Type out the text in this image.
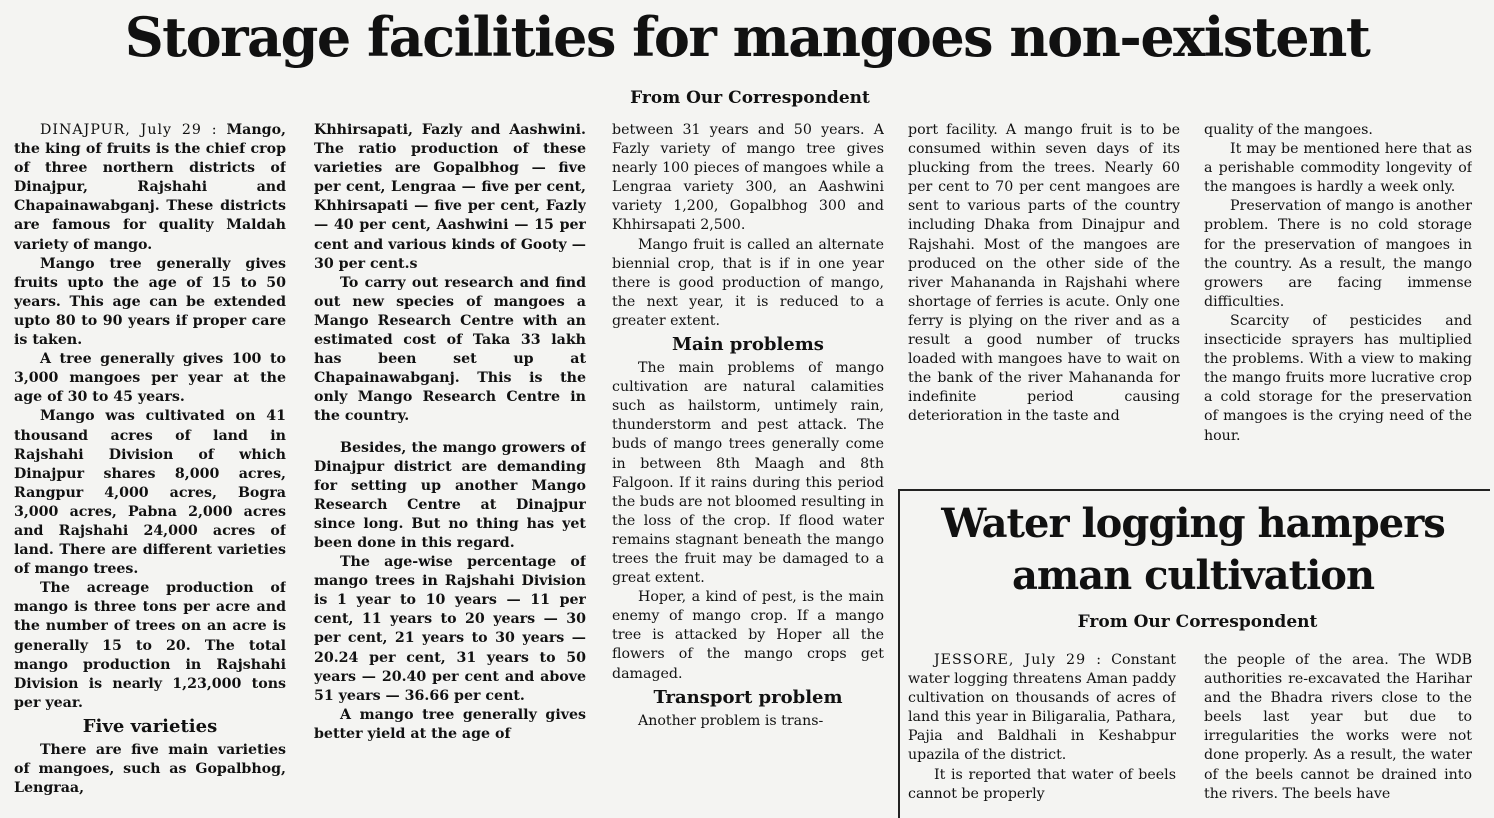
Storage facilities for mangoes non-existent
From Our Correspondent

DINAJPUR, July 29 : Mango, the king of fruits is the chief crop of three northern districts of Dinajpur, Rajshahi and Chapainawabganj. These districts are famous for quality Maldah variety of mango.

Mango tree generally gives fruits upto the age of 15 to 50 years. This age can be extended upto 80 to 90 years if proper care is taken.

A tree generally gives 100 to 3,000 mangoes per year at the age of 30 to 45 years.

Mango was cultivated on 41 thousand acres of land in Rajshahi Division of which Dinajpur shares 8,000 acres, Rangpur 4,000 acres, Bogra 3,000 acres, Pabna 2,000 acres and Rajshahi 24,000 acres of land. There are different varieties of mango trees.

The acreage production of mango is three tons per acre and the number of trees on an acre is generally 15 to 20. The total mango production in Rajshahi Division is nearly 1,23,000 tons per year.

Five varieties

There are five main varieties of mangoes, such as Gopalbhog, Lengraa,

Khhirsapati, Fazly and Aashwini. The ratio production of these varieties are Gopalbhog — five per cent, Lengraa — five per cent, Khhirsapati — five per cent, Fazly — 40 per cent, Aashwini — 15 per cent and various kinds of Gooty — 30 per cent.s

To carry out research and find out new species of mangoes a Mango Research Centre with an estimated cost of Taka 33 lakh has been set up at Chapainawabganj. This is the only Mango Research Centre in the country.

Besides, the mango growers of Dinajpur district are demanding for setting up another Mango Research Centre at Dinajpur since long. But no thing has yet been done in this regard.

The age-wise percentage of mango trees in Rajshahi Division is 1 year to 10 years — 11 per cent, 11 years to 20 years — 30 per cent, 21 years to 30 years — 20.24 per cent, 31 years to 50 years — 20.40 per cent and above 51 years — 36.66 per cent.

A mango tree generally gives better yield at the age of

between 31 years and 50 years. A Fazly variety of mango tree gives nearly 100 pieces of mangoes while a Lengraa variety 300, an Aashwini variety 1,200, Gopalbhog 300 and Khhirsapati 2,500.

Mango fruit is called an alternate biennial crop, that is if in one year there is good production of mango, the next year, it is reduced to a greater extent.

Main problems

The main problems of mango cultivation are natural calamities such as hailstorm, untimely rain, thunderstorm and pest attack. The buds of mango trees generally come in between 8th Maagh and 8th Falgoon. If it rains during this period the buds are not bloomed resulting in the loss of the crop. If flood water remains stagnant beneath the mango trees the fruit may be damaged to a great extent.

Hoper, a kind of pest, is the main enemy of mango crop. If a mango tree is attacked by Hoper all the flowers of the mango crops get damaged.

Transport problem

Another problem is trans-

port facility. A mango fruit is to be consumed within seven days of its plucking from the trees. Nearly 60 per cent to 70 per cent mangoes are sent to various parts of the country including Dhaka from Dinajpur and Rajshahi. Most of the mangoes are produced on the other side of the river Mahananda in Rajshahi where shortage of ferries is acute. Only one ferry is plying on the river and as a result a good number of trucks loaded with mangoes have to wait on the bank of the river Mahananda for indefinite period causing deterioration in the taste and

quality of the mangoes.

It may be mentioned here that as a perishable commodity longevity of the mangoes is hardly a week only.

Preservation of mango is another problem. There is no cold storage for the preservation of mangoes in the country. As a result, the mango growers are facing immense difficulties.

Scarcity of pesticides and insecticide sprayers has multiplied the problems. With a view to making the mango fruits more lucrative crop a cold storage for the preservation of mangoes is the crying need of the hour.

Water logging hampers aman cultivation
From Our Correspondent

JESSORE, July 29 : Constant water logging threatens Aman paddy cultivation on thousands of acres of land this year in Biligaralia, Pathara, Pajia and Baldhali in Keshabpur upazila of the district.

It is reported that water of beels cannot be properly

the people of the area. The WDB authorities re-excavated the Harihar and the Bhadra rivers close to the beels last year but due to irregularities the works were not done properly. As a result, the water of the beels cannot be drained into the rivers. The beels have
